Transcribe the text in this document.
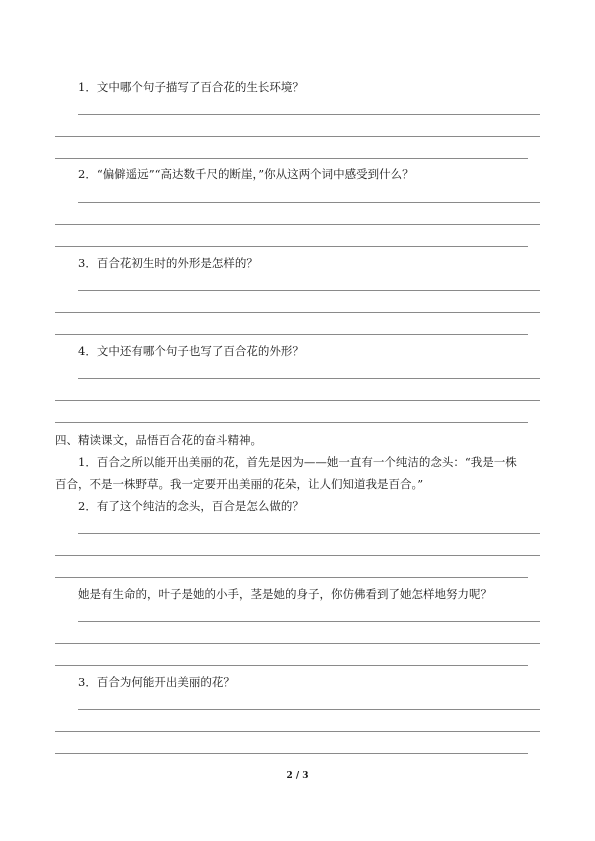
1．文中哪个句子描写了百合花的生长环境？
2．“偏僻遥远”“高达数千尺的断崖，”你从这两个词中感受到什么？
3．百合花初生时的外形是怎样的？
4．文中还有哪个句子也写了百合花的外形？
四、精读课文，品悟百合花的奋斗精神。
1．百合之所以能开出美丽的花，首先是因为——她一直有一个纯洁的念头：“我是一株
百合，不是一株野草。我一定要开出美丽的花朵，让人们知道我是百合。”
2．有了这个纯洁的念头，百合是怎么做的？
她是有生命的，叶子是她的小手，茎是她的身子，你仿佛看到了她怎样地努力呢？
3．百合为何能开出美丽的花？
2 / 3
